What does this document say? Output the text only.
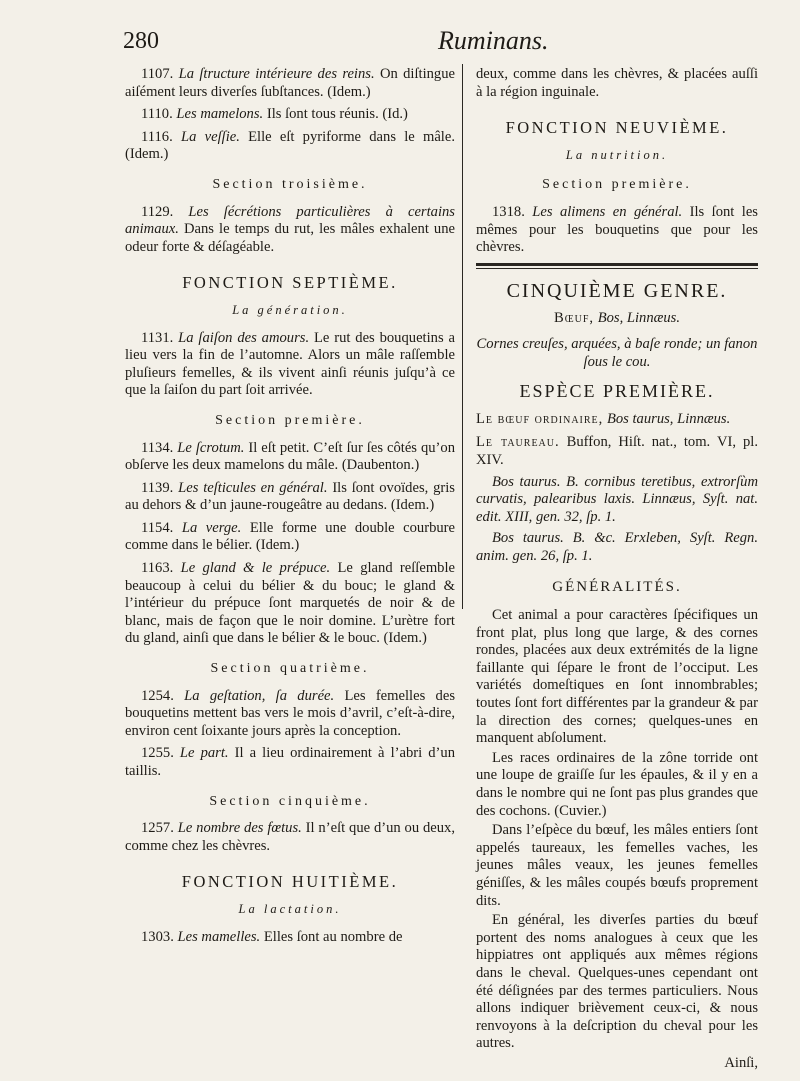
280	Ruminans.

1107. La ſtructure intérieure des reins. On diſtingue aiſément leurs diverſes ſubſtances. (Idem.)

1110. Les mamelons. Ils ſont tous réunis. (Id.)

1116. La veſſie. Elle eſt pyriforme dans le mâle. (Idem.)

Section troisième.

1129. Les ſécrétions particulières à certains animaux. Dans le temps du rut, les mâles exhalent une odeur forte & déſagéable.

FONCTION SEPTIÈME.

La génération.

1131. La ſaiſon des amours. Le rut des bouquetins a lieu vers la fin de l’automne. Alors un mâle raſſemble pluſieurs femelles, & ils vivent ainſi réunis juſqu’à ce que la ſaiſon du part ſoit arrivée.

Section première.

1134. Le ſcrotum. Il eſt petit. C’eſt ſur ſes côtés qu’on obſerve les deux mamelons du mâle. (Daubenton.)

1139. Les teſticules en général. Ils ſont ovoïdes, gris au dehors & d’un jaune-rougeâtre au dedans. (Idem.)

1154. La verge. Elle forme une double courbure comme dans le bélier. (Idem.)

1163. Le gland & le prépuce. Le gland reſſemble beaucoup à celui du bélier & du bouc; le gland & l’intérieur du prépuce ſont marquetés de noir & de blanc, mais de façon que le noir domine. L’urètre fort du gland, ainſi que dans le bélier & le bouc. (Idem.)

Section quatrième.

1254. La geſtation, ſa durée. Les femelles des bouquetins mettent bas vers le mois d’avril, c’eſt-à-dire, environ cent ſoixante jours après la conception.

1255. Le part. Il a lieu ordinairement à l’abri d’un taillis.

Section cinquième.

1257. Le nombre des fœtus. Il n’eſt que d’un ou deux, comme chez les chèvres.

FONCTION HUITIÈME.

La lactation.

1303. Les mamelles. Elles ſont au nombre de

deux, comme dans les chèvres, & placées auſſi à la région inguinale.

FONCTION NEUVIÈME.

La nutrition.

Section première.

1318. Les alimens en général. Ils ſont les mêmes pour les bouquetins que pour les chèvres.

CINQUIÈME GENRE.

Bœuf, Bos, Linnæus.

Cornes creuſes, arquées, à baſe ronde; un fanon ſous le cou.

ESPÈCE PREMIÈRE.

Le bœuf ordinaire, Bos taurus, Linnæus.

Le taureau. Buffon, Hiſt. nat., tom. VI, pl. XIV.

Bos taurus. B. cornibus teretibus, extrorſùm curvatis, palearibus laxis. Linnæus, Syſt. nat. edit. XIII, gen. 32, ſp. 1.

Bos taurus. B. &c. Erxleben, Syſt. Regn. anim. gen. 26, ſp. 1.

GÉNÉRALITÉS.

Cet animal a pour caractères ſpécifiques un front plat, plus long que large, & des cornes rondes, placées aux deux extrémités de la ligne faillante qui ſépare le front de l’occiput. Les variétés domeſtiques en ſont innombrables; toutes ſont fort différentes par la grandeur & par la direction des cornes; quelques-unes en manquent abſolument.

Les races ordinaires de la zône torride ont une loupe de graiſſe ſur les épaules, & il y en a dans le nombre qui ne ſont pas plus grandes que des cochons. (Cuvier.)

Dans l’eſpèce du bœuf, les mâles entiers ſont appelés taureaux, les femelles vaches, les jeunes mâles veaux, les jeunes femelles géniſſes, & les mâles coupés bœufs proprement dits.

En général, les diverſes parties du bœuf portent des noms analogues à ceux que les hippiatres ont appliqués aux mêmes régions dans le cheval. Quelques-unes cependant ont été déſignées par des termes particuliers. Nous allons indiquer brièvement ceux-ci, & nous renvoyons à la deſcription du cheval pour les autres.

Ainſi,
